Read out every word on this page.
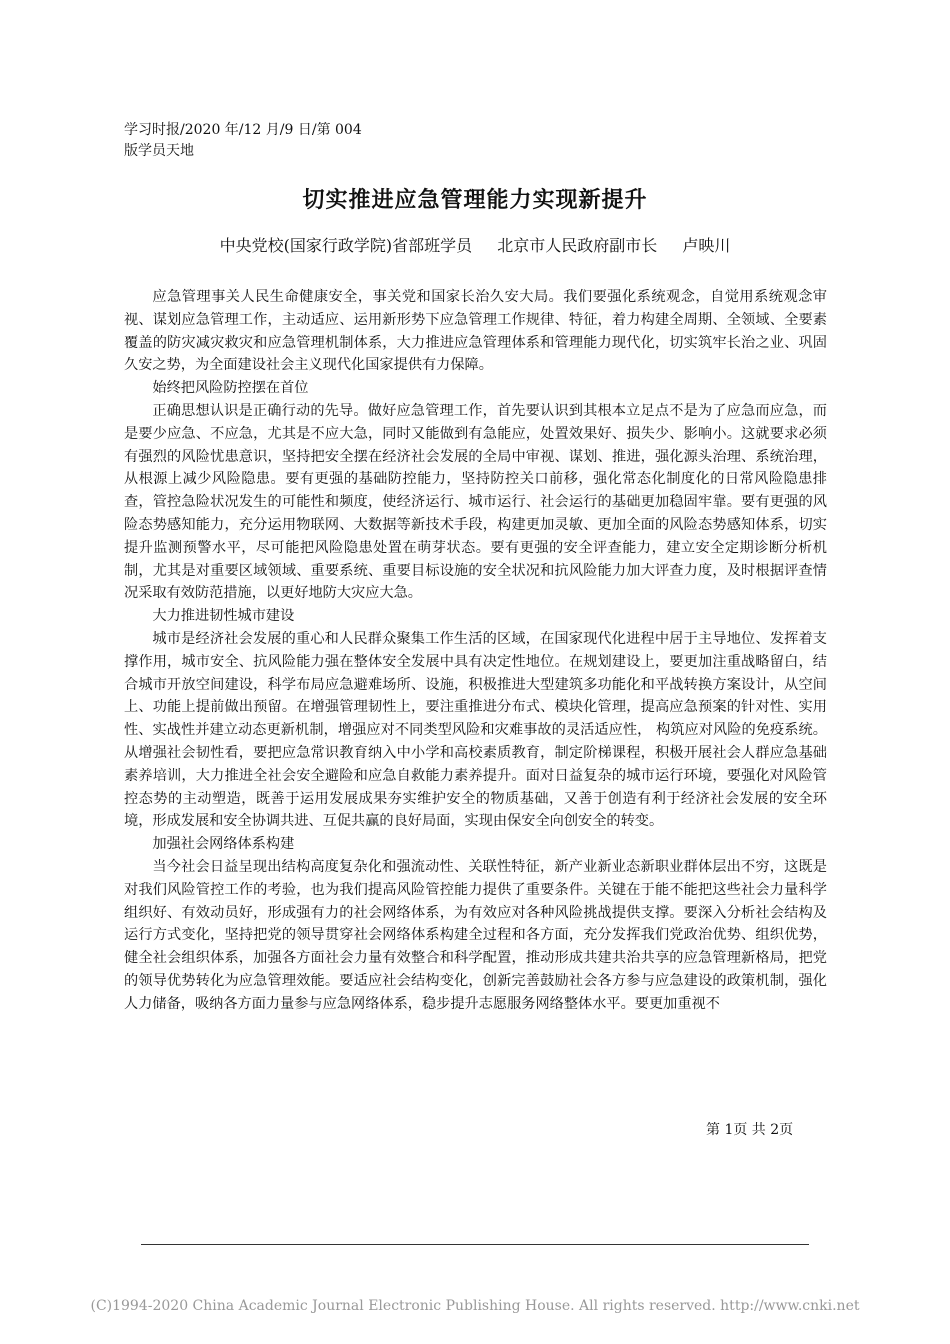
学习时报/2020 年/12 月/9 日/第 004
版学员天地
切实推进应急管理能力实现新提升
中央党校(国家行政学院)省部班学员 北京市人民政府副市长 卢映川

应急管理事关人民生命健康安全，事关党和国家长治久安大局。我们要强化系统观念，自觉用系统观念审视、谋划应急管理工作，主动适应、运用新形势下应急管理工作规律、特征，着力构建全周期、全领域、全要素覆盖的防灾减灾救灾和应急管理机制体系，大力推进应急管理体系和管理能力现代化，切实筑牢长治之业、巩固久安之势，为全面建设社会主义现代化国家提供有力保障。

始终把风险防控摆在首位

正确思想认识是正确行动的先导。做好应急管理工作，首先要认识到其根本立足点不是为了应急而应急，而是要少应急、不应急，尤其是不应大急，同时又能做到有急能应，处置效果好、损失少、影响小。这就要求必须有强烈的风险忧患意识，坚持把安全摆在经济社会发展的全局中审视、谋划、推进，强化源头治理、系统治理，从根源上减少风险隐患。要有更强的基础防控能力，坚持防控关口前移，强化常态化制度化的日常风险隐患排查，管控急险状况发生的可能性和频度，使经济运行、城市运行、社会运行的基础更加稳固牢靠。要有更强的风险态势感知能力，充分运用物联网、大数据等新技术手段，构建更加灵敏、更加全面的风险态势感知体系，切实提升监测预警水平，尽可能把风险隐患处置在萌芽状态。要有更强的安全评查能力，建立安全定期诊断分析机制，尤其是对重要区域领域、重要系统、重要目标设施的安全状况和抗风险能力加大评查力度，及时根据评查情况采取有效防范措施，以更好地防大灾应大急。

大力推进韧性城市建设

城市是经济社会发展的重心和人民群众聚集工作生活的区域，在国家现代化进程中居于主导地位、发挥着支撑作用，城市安全、抗风险能力强在整体安全发展中具有决定性地位。在规划建设上，要更加注重战略留白，结合城市开放空间建设，科学布局应急避难场所、设施，积极推进大型建筑多功能化和平战转换方案设计，从空间上、功能上提前做出预留。在增强管理韧性上，要注重推进分布式、模块化管理，提高应急预案的针对性、实用性、实战性并建立动态更新机制，增强应对不同类型风险和灾难事故的灵活适应性， 构筑应对风险的免疫系统。 从增强社会韧性看，要把应急常识教育纳入中小学和高校素质教育，制定阶梯课程，积极开展社会人群应急基础素养培训，大力推进全社会安全避险和应急自救能力素养提升。面对日益复杂的城市运行环境，要强化对风险管控态势的主动塑造，既善于运用发展成果夯实维护安全的物质基础，又善于创造有利于经济社会发展的安全环境，形成发展和安全协调共进、互促共赢的良好局面，实现由保安全向创安全的转变。

加强社会网络体系构建

当今社会日益呈现出结构高度复杂化和强流动性、关联性特征，新产业新业态新职业群体层出不穷，这既是对我们风险管控工作的考验，也为我们提高风险管控能力提供了重要条件。关键在于能不能把这些社会力量科学组织好、有效动员好，形成强有力的社会网络体系，为有效应对各种风险挑战提供支撑。要深入分析社会结构及运行方式变化，坚持把党的领导贯穿社会网络体系构建全过程和各方面，充分发挥我们党政治优势、组织优势，健全社会组织体系，加强各方面社会力量有效整合和科学配置，推动形成共建共治共享的应急管理新格局，把党的领导优势转化为应急管理效能。要适应社会结构变化，创新完善鼓励社会各方参与应急建设的政策机制，强化人力储备，吸纳各方面力量参与应急网络体系，稳步提升志愿服务网络整体水平。要更加重视不

第 1页 共 2页
(C)1994-2020 China Academic Journal Electronic Publishing House. All rights reserved. http://www.cnki.net
